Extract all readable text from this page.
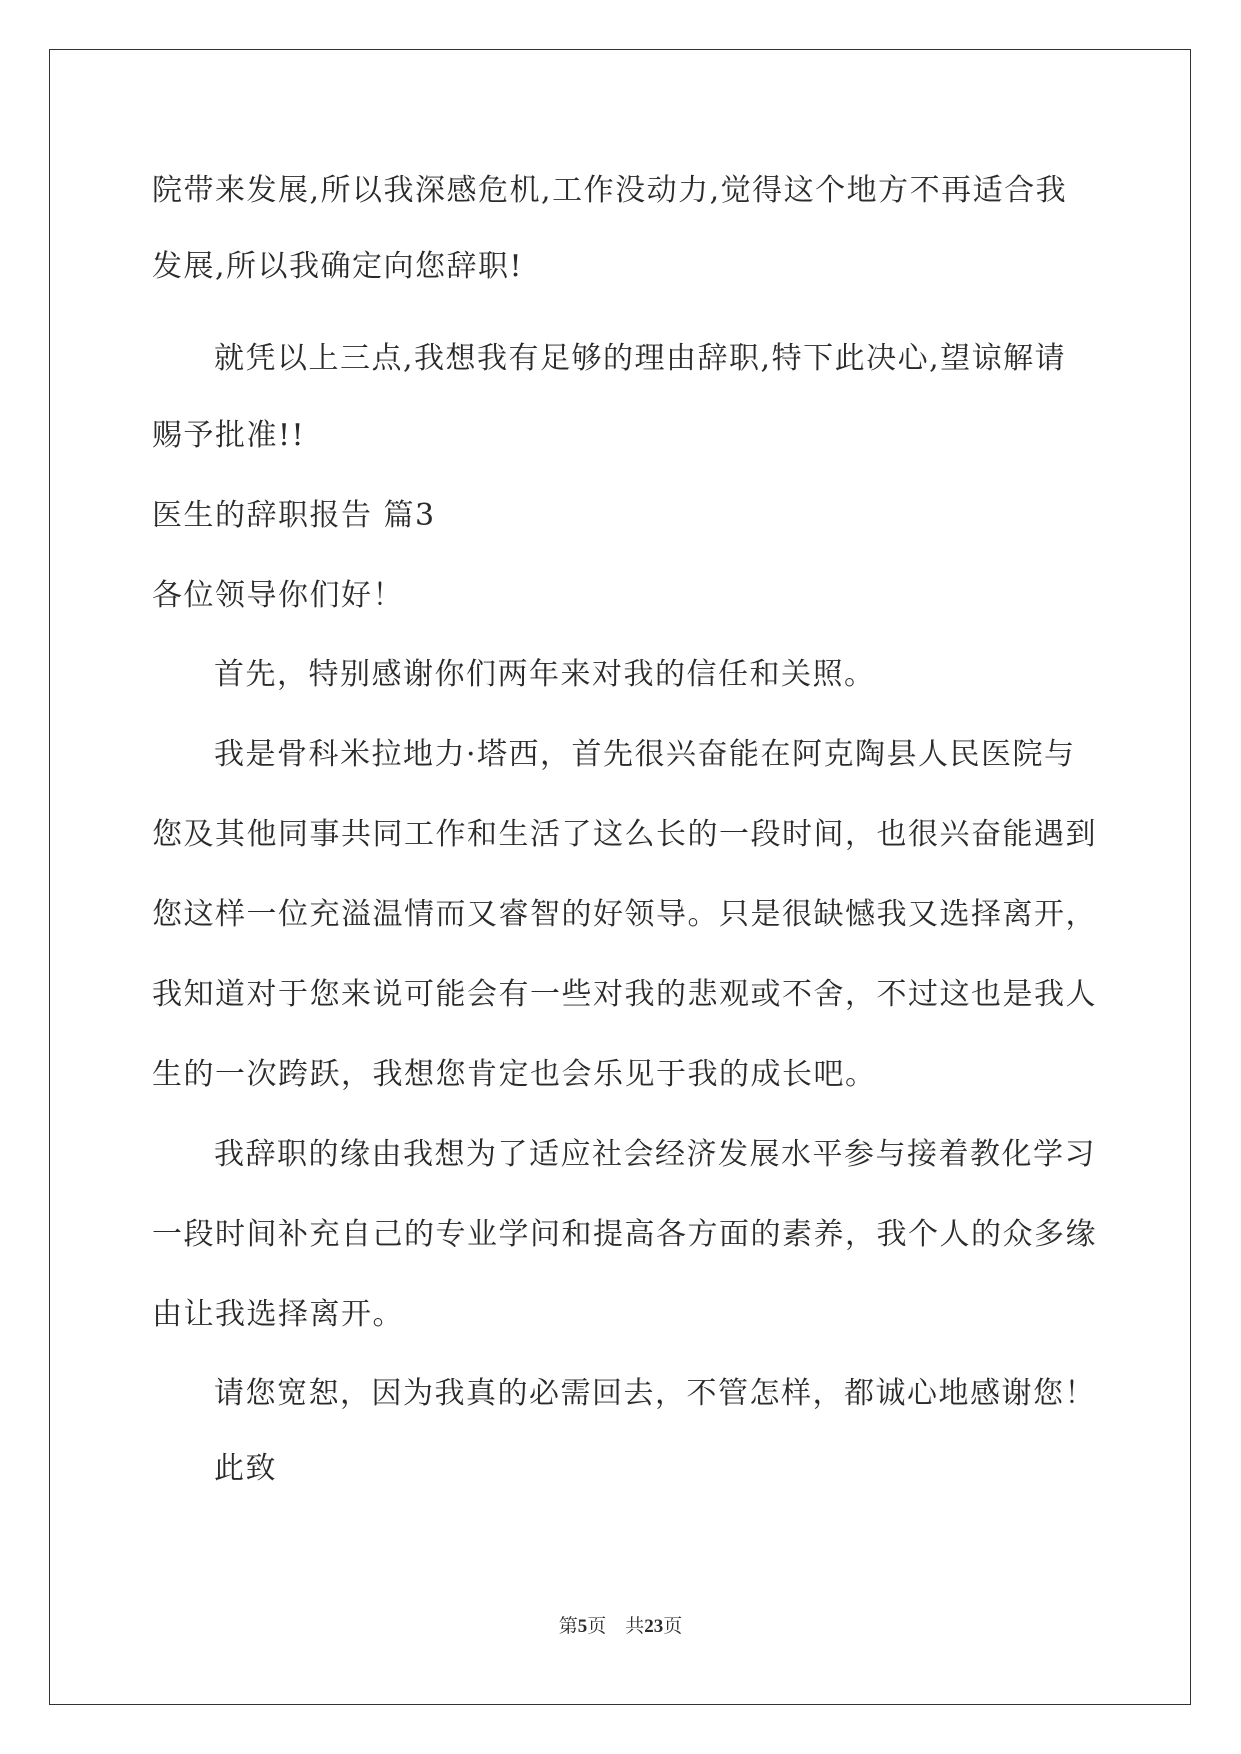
院带来发展,所以我深感危机,工作没动力,觉得这个地方不再适合我
发展,所以我确定向您辞职!
就凭以上三点,我想我有足够的理由辞职,特下此决心,望谅解请
赐予批准!!
医生的辞职报告 篇3
各位领导你们好！
首先，特别感谢你们两年来对我的信任和关照。
我是骨科米拉地力·塔西，首先很兴奋能在阿克陶县人民医院与
您及其他同事共同工作和生活了这么长的一段时间，也很兴奋能遇到
您这样一位充溢温情而又睿智的好领导。只是很缺憾我又选择离开，
我知道对于您来说可能会有一些对我的悲观或不舍，不过这也是我人
生的一次跨跃，我想您肯定也会乐见于我的成长吧。
我辞职的缘由我想为了适应社会经济发展水平参与接着教化学习
一段时间补充自己的专业学问和提高各方面的素养，我个人的众多缘
由让我选择离开。
请您宽恕，因为我真的必需回去，不管怎样，都诚心地感谢您！
此致
第5页 共23页
